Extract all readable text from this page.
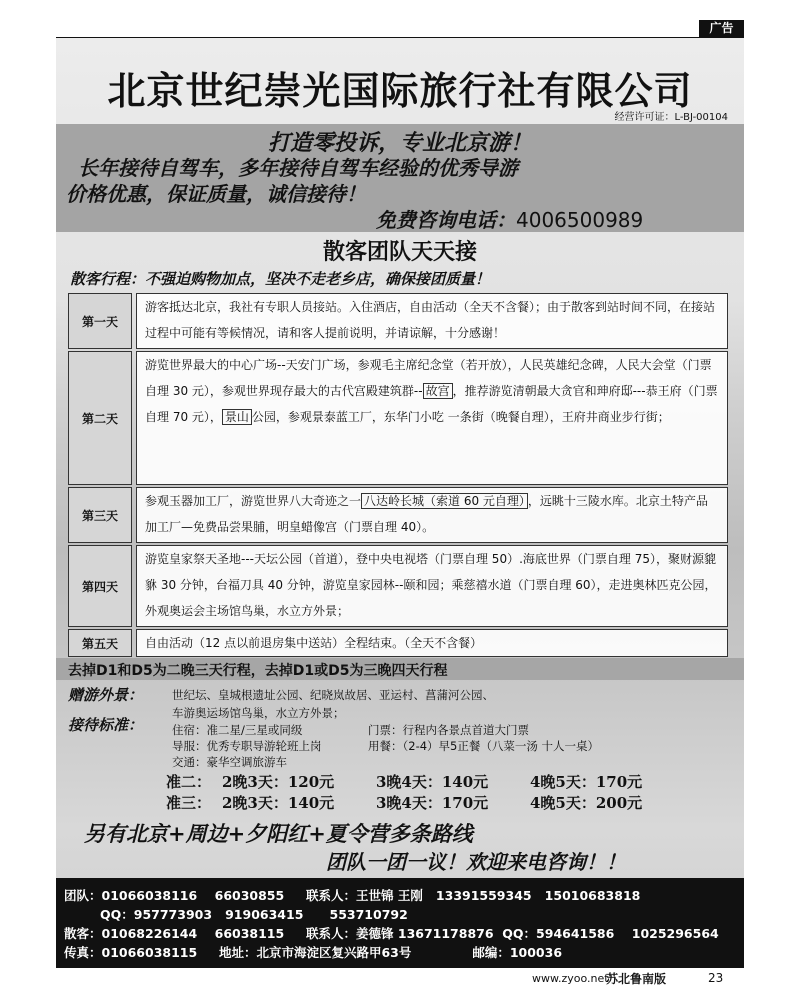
广告
北京世纪崇光国际旅行社有限公司
经营许可证：L-BJ-00104
打造零投诉，专业北京游！
长年接待自驾车，多年接待自驾车经验的优秀导游
价格优惠，保证质量，诚信接待！
免费咨询电话：4006500989
散客团队天天接
散客行程：不强迫购物加点，坚决不走老乡店，确保接团质量！
第一天
游客抵达北京，我社有专职人员接站。入住酒店，自由活动（全天不含餐）；由于散客到站时间不同，在接站过程中可能有等候情况，请和客人提前说明，并请谅解，十分感谢！
第二天
游览世界最大的中心广场--天安门广场，参观毛主席纪念堂（若开放），人民英雄纪念碑，人民大会堂（门票自理 30 元），参观世界现存最大的古代宫殿建筑群-- 故宫 ，推荐游览清朝最大贪官和珅府邸---恭王府（门票自理 70 元）， 景山 公园，参观景泰蓝工厂，东华门小吃 一条街（晚餐自理），王府井商业步行街；
第三天
参观玉器加工厂，游览世界八大奇迹之一 八达岭长城（索道 60 元自理） ，远眺十三陵水库。北京土特产品加工厂—免费品尝果脯，明皇蜡像宫（门票自理 40）。
第四天
游览皇家祭天圣地---天坛公园（首道），登中央电视塔（门票自理 50）.海底世界（门票自理 75），聚财源貔貅 30 分钟，台福刀具 40 分钟，游览皇家园林--颐和园；乘慈禧水道（门票自理 60），走进奥林匹克公园，外观奥运会主场馆鸟巢，水立方外景；
第五天	自由活动（12 点以前退房集中送站）全程结束。（全天不含餐）
去掉D1和D5为二晚三天行程，去掉D1或D5为三晚四天行程
赠游外景：	世纪坛、皇城根遗址公园、纪晓岚故居、亚运村、菖蒲河公园、
车游奥运场馆鸟巢，水立方外景；
接待标准：	住宿：准二星/三星或同级	门票：行程内各景点首道大门票
导服：优秀专职导游轮班上岗	用餐：（2-4）早5正餐（八菜一汤 十人一桌）
交通：豪华空调旅游车
准二： 2晚3天：120元	3晚4天：140元	4晚5天：170元
准三： 2晚3天：140元	3晚4天：170元	4晚5天：200元
另有北京+周边+夕阳红+夏令营多条路线
团队一团一议！欢迎来电咨询！！
团队：01066038116 66030855 联系人：王世锦 王刚 13391559345 15010683818
QQ：957773903 919063415 553710792
散客：01068226144 66038115 联系人：姜德锋 13671178876 QQ：594641586 1025296564
传真：01066038115 地址：北京市海淀区复兴路甲63号	邮编：100036
www.zyoo.net
苏北鲁南版	23
